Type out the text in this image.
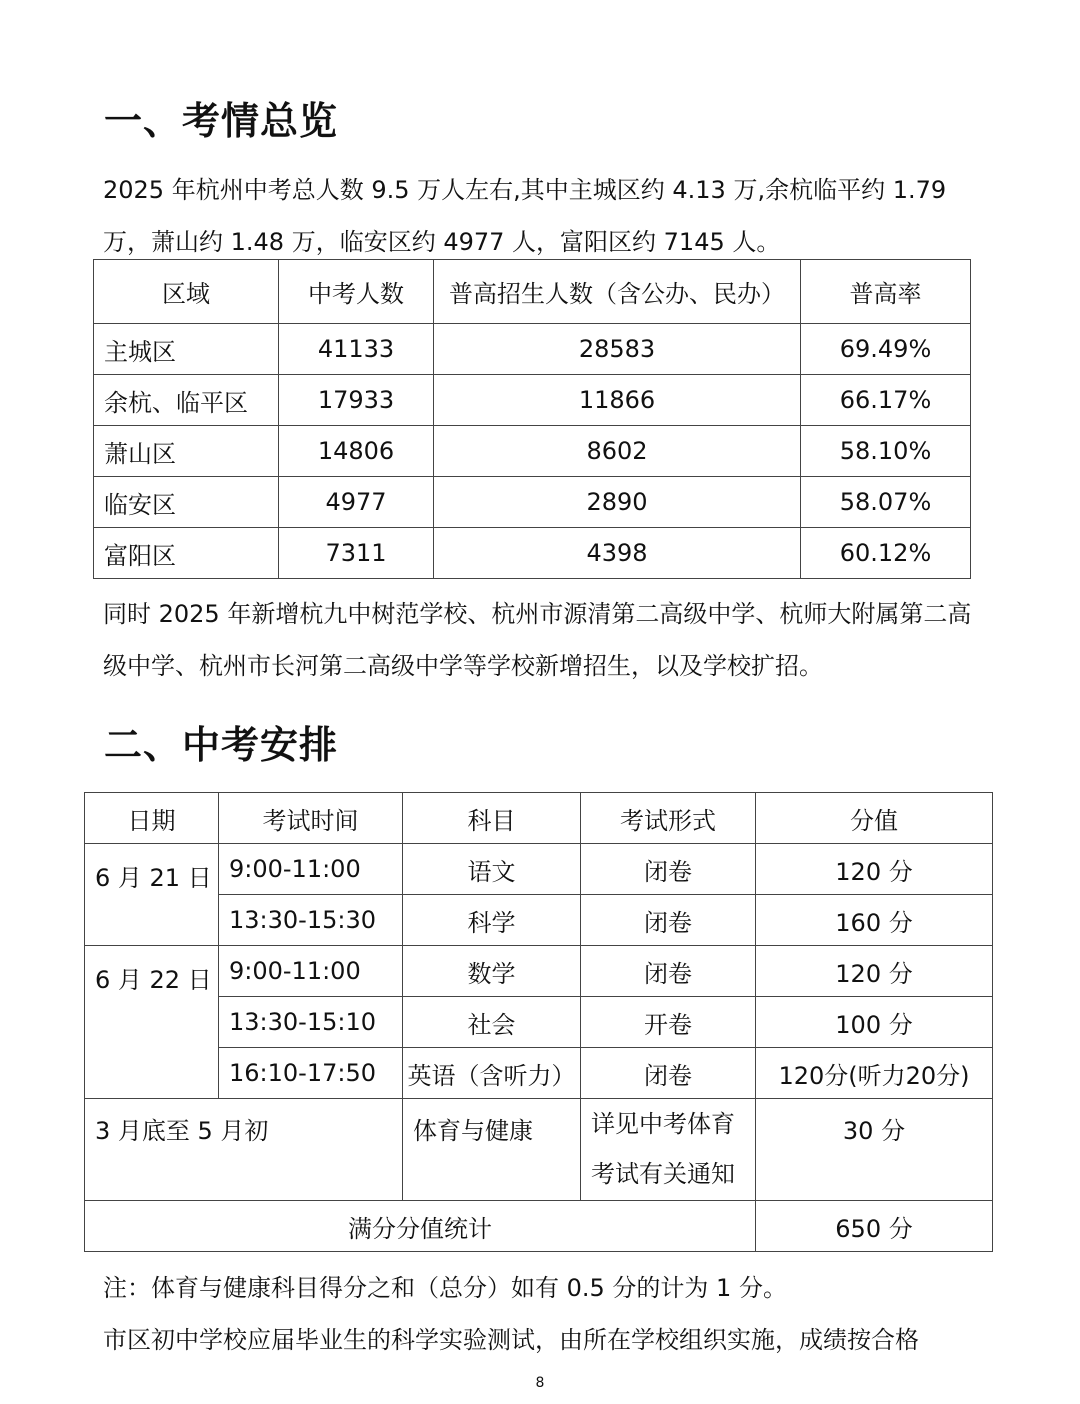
一、考情总览

2025 年杭州中考总人数 9.5 万人左右,其中主城区约 4.13 万,余杭临平约 1.79 万，萧山约 1.48 万，临安区约 4977 人，富阳区约 7145 人。

区域	中考人数	普高招生人数（含公办、民办）	普高率
主城区	41133	28583	69.49%
余杭、临平区	17933	11866	66.17%
萧山区	14806	8602	58.10%
临安区	4977	2890	58.07%
富阳区	7311	4398	60.12%

同时 2025 年新增杭九中树范学校、杭州市源清第二高级中学、杭师大附属第二高级中学、杭州市长河第二高级中学等学校新增招生，以及学校扩招。

二、中考安排
日期	考试时间	科目	考试形式	分值
6 月 21 日	9:00-11:00	语文	闭卷	120 分
	13:30-15:30	科学	闭卷	160 分
6 月 22 日	9:00-11:00	数学	闭卷	120 分
	13:30-15:10	社会	开卷	100 分
	16:10-17:50	英语（含听力）	闭卷	120分(听力20分)
3 月底至 5 月初		体育与健康	详见中考体育考试有关通知	30 分
满分分值统计				650 分

注：体育与健康科目得分之和（总分）如有 0.5 分的计为 1 分。

市区初中学校应届毕业生的科学实验测试，由所在学校组织实施，成绩按合格

8
